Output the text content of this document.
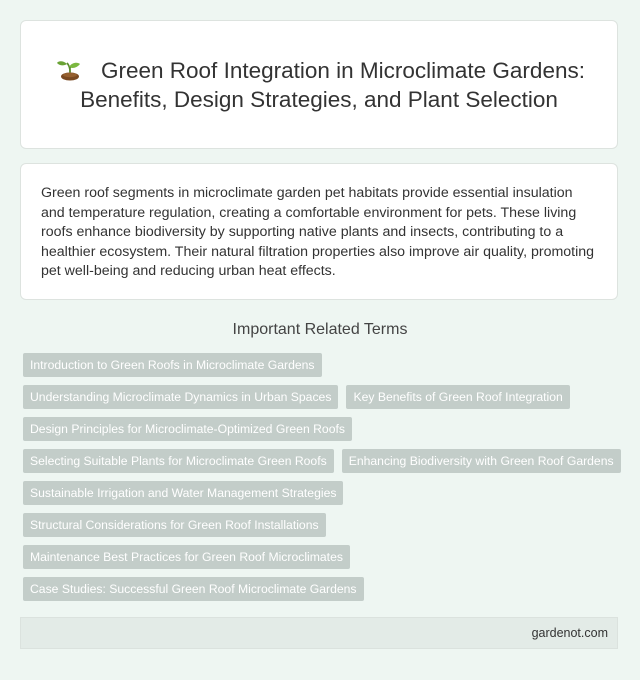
Green Roof Integration in Microclimate Gardens: Benefits, Design Strategies, and Plant Selection

Green roof segments in microclimate garden pet habitats provide essential insulation and temperature regulation, creating a comfortable environment for pets. These living roofs enhance biodiversity by supporting native plants and insects, contributing to a healthier ecosystem. Their natural filtration properties also improve air quality, promoting pet well-being and reducing urban heat effects.

Important Related Terms
Introduction to Green Roofs in Microclimate Gardens
Understanding Microclimate Dynamics in Urban Spaces	Key Benefits of Green Roof Integration
Design Principles for Microclimate-Optimized Green Roofs
Selecting Suitable Plants for Microclimate Green Roofs	Enhancing Biodiversity with Green Roof Gardens
Sustainable Irrigation and Water Management Strategies
Structural Considerations for Green Roof Installations
Maintenance Best Practices for Green Roof Microclimates
Case Studies: Successful Green Roof Microclimate Gardens
gardenot.com
